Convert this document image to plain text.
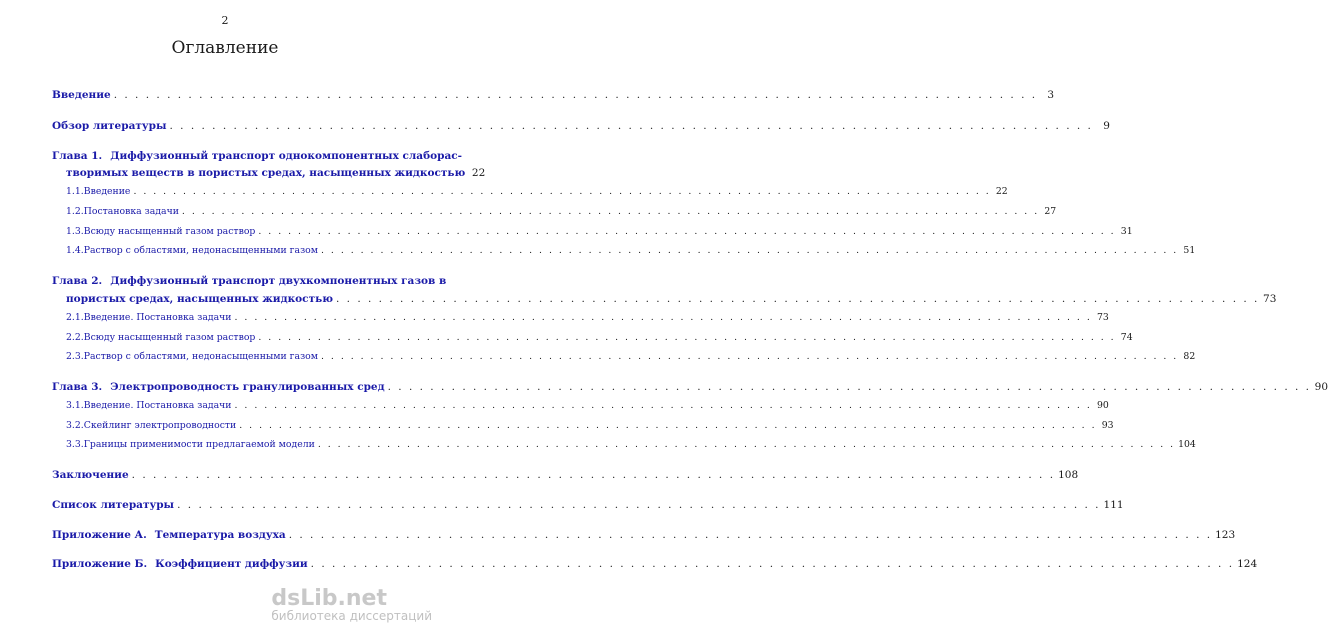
2
Оглавление
Введение . . .	3
Обзор литературы . . .	9
Глава 1. Диффузионный транспорт однокомпонентных слабораc-
творимых веществ в пористых средах, насыщенных жидкостью 22
1.1. Введение . . .	22
1.2. Постановка задачи . . .	27
1.3. Всюду насыщенный газом раствор . . .	31
1.4. Раствор с областями, недонасыщенными газом . . .	51
Глава 2. Диффузионный транспорт двухкомпонентных газов в
пористых средах, насыщенных жидкостью . . .	73
2.1. Введение. Постановка задачи . . .	73
2.2. Всюду насыщенный газом раствор . . .	74
2.3. Раствор с областями, недонасыщенными газом . . .	82
Глава 3. Электропроводность гранулированных сред . . .	90
3.1. Введение. Постановка задачи . . .	90
3.2. Скейлинг электропроводности . . .	93
3.3. Границы применимости предлагаемой модели . . .	104
Заключение . . .	108
Список литературы . . .	111
Приложение А. Температура воздуха . . .	123
Приложение Б. Коэффициент диффузии . . .	124
dsLib.net
библиотека диссертаций
